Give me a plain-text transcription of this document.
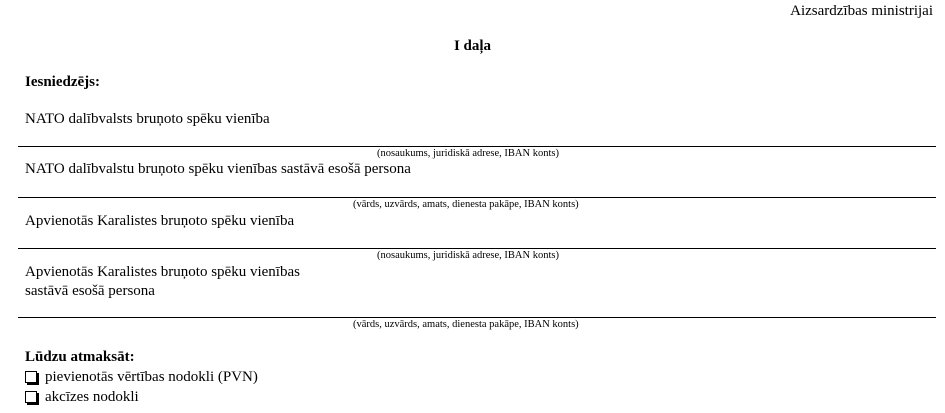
Aizsardzības ministrijai
I daļa
Iesniedzējs:
NATO dalībvalsts bruņoto spēku vienība
(nosaukums, juridiskā adrese, IBAN konts)
NATO dalībvalstu bruņoto spēku vienības sastāvā esošā persona
(vārds, uzvārds, amats, dienesta pakāpe, IBAN konts)
Apvienotās Karalistes bruņoto spēku vienība
(nosaukums, juridiskā adrese, IBAN konts)
Apvienotās Karalistes bruņoto spēku vienības
sastāvā esošā persona
(vārds, uzvārds, amats, dienesta pakāpe, IBAN konts)
Lūdzu atmaksāt:
pievienotās vērtības nodokli (PVN)
akcīzes nodokli
